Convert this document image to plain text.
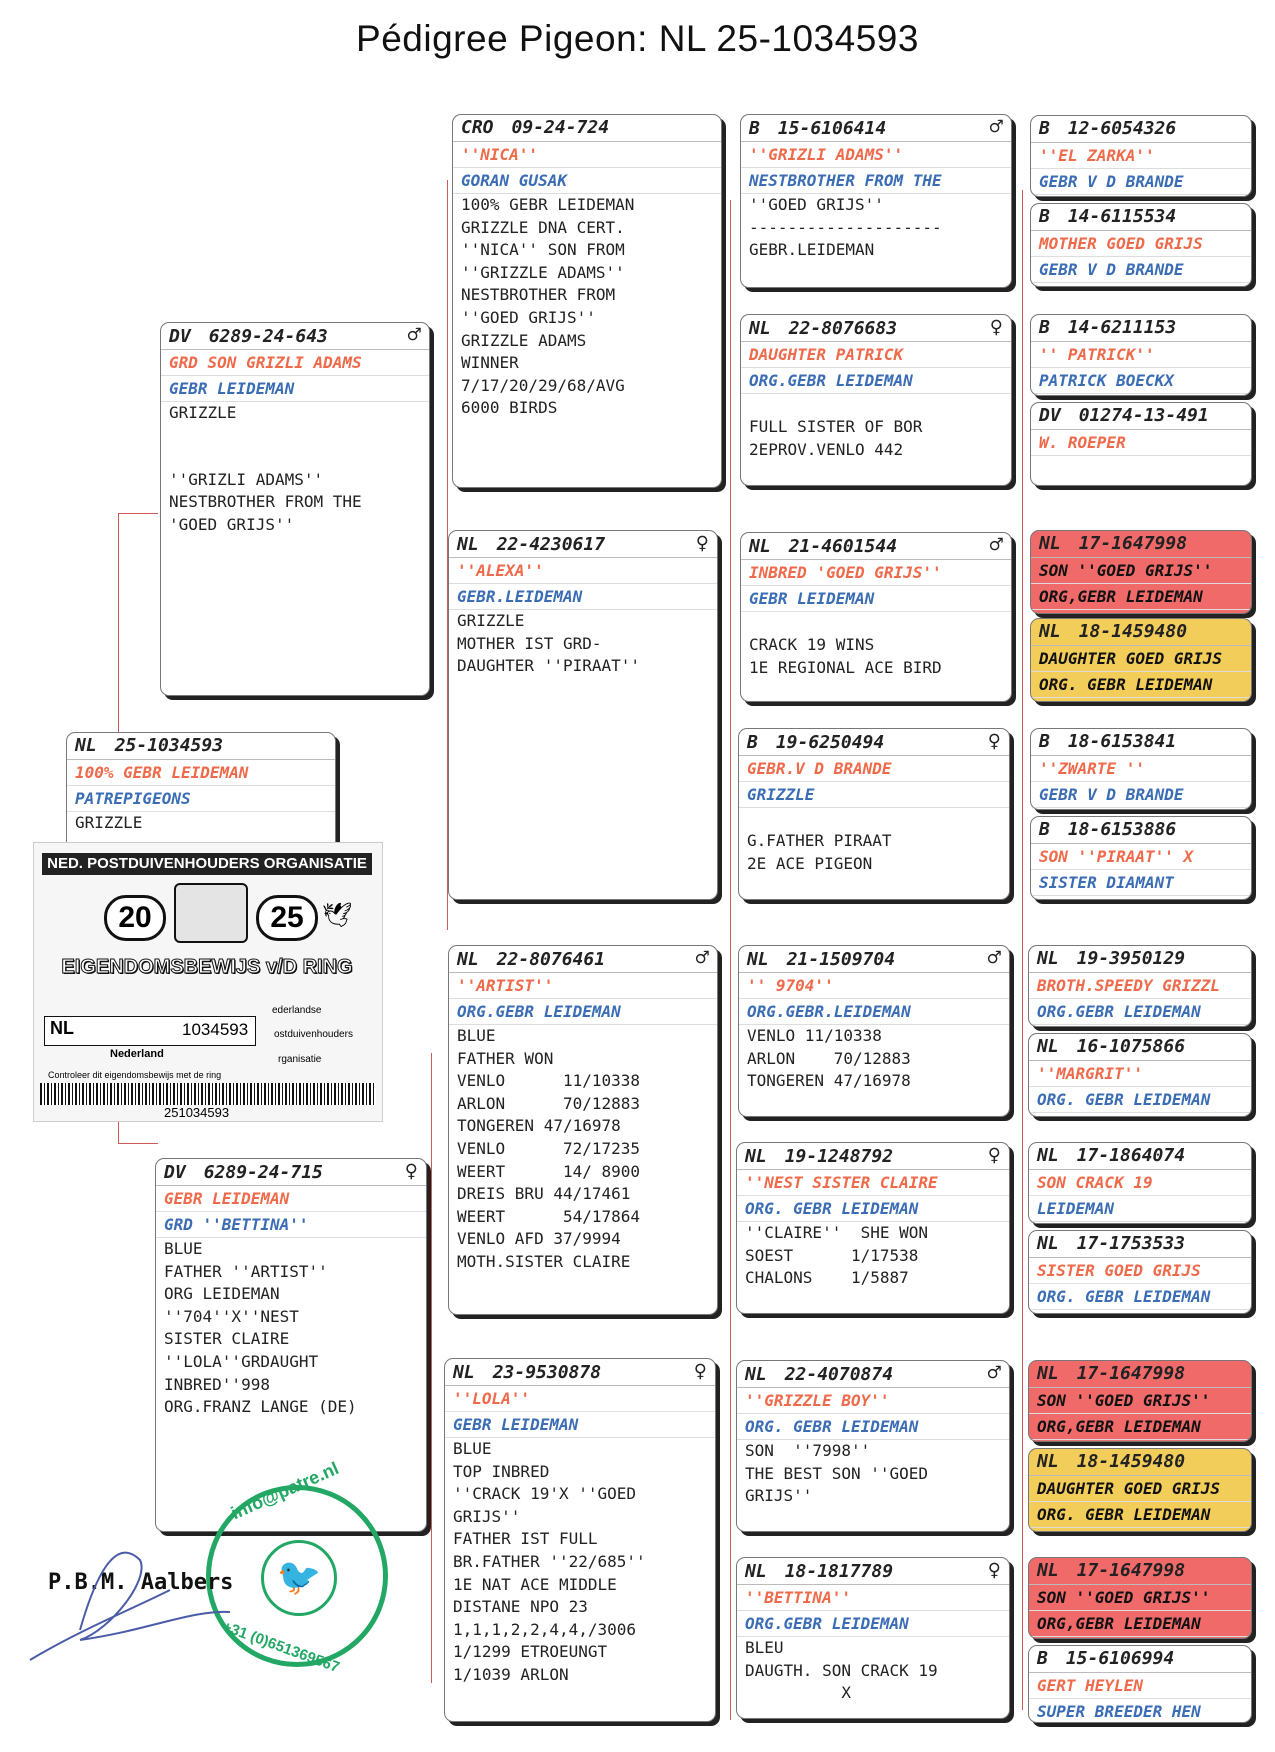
Pédigree Pigeon: NL 25-1034593
NL 25-1034593
100% GEBR LEIDEMAN
PATREPIGEONS
GRIZZLE
DV 6289-24-643	♂
GRD SON GRIZLI ADAMS
GEBR LEIDEMAN
GRIZZLE
''GRIZLI ADAMS''
NESTBROTHER FROM THE
'GOED GRIJS''
DV 6289-24-715	♀
GEBR LEIDEMAN
GRD ''BETTINA''
BLUE
FATHER ''ARTIST''
ORG LEIDEMAN
''704''X''NEST
SISTER CLAIRE
''LOLA''GRDAUGHT
INBRED''998
ORG.FRANZ LANGE (DE)
CRO 09-24-724
''NICA''
GORAN GUSAK
100% GEBR LEIDEMAN
GRIZZLE DNA CERT.
''NICA'' SON FROM
''GRIZZLE ADAMS''
NESTBROTHER FROM
''GOED GRIJS''
GRIZZLE ADAMS
WINNER
7/17/20/29/68/AVG
6000 BIRDS
NL 22-4230617	♀
''ALEXA''
GEBR.LEIDEMAN
GRIZZLE
MOTHER IST GRD-
DAUGHTER ''PIRAAT''
NL 22-8076461	♂
''ARTIST''
ORG.GEBR LEIDEMAN
BLUE
FATHER WON
VENLO      11/10338
ARLON      70/12883
TONGEREN 47/16978
VENLO      72/17235
WEERT      14/ 8900
DREIS BRU 44/17461
WEERT      54/17864
VENLO AFD 37/9994
MOTH.SISTER CLAIRE
NL 23-9530878	♀
''LOLA''
GEBR LEIDEMAN
BLUE
TOP INBRED
''CRACK 19'X ''GOED
GRIJS''
FATHER IST FULL
BR.FATHER ''22/685''
1E NAT ACE MIDDLE
DISTANE NPO 23
1,1,1,2,2,4,4,/3006
1/1299 ETROEUNGT
1/1039 ARLON
B 15-6106414	♂
''GRIZLI ADAMS''
NESTBROTHER FROM THE
''GOED GRIJS''
--------------------
GEBR.LEIDEMAN
NL 22-8076683	♀
DAUGHTER PATRICK
ORG.GEBR LEIDEMAN
FULL SISTER OF BOR
2EPROV.VENLO 442
NL 21-4601544	♂
INBRED 'GOED GRIJS''
GEBR LEIDEMAN
CRACK 19 WINS
1E REGIONAL ACE BIRD
B 19-6250494	♀
GEBR.V D BRANDE
GRIZZLE
G.FATHER PIRAAT
2E ACE PIGEON
NL 21-1509704	♂
'' 9704''
ORG.GEBR.LEIDEMAN
VENLO 11/10338
ARLON    70/12883
TONGEREN 47/16978
NL 19-1248792	♀
''NEST SISTER CLAIRE
ORG. GEBR LEIDEMAN
''CLAIRE''  SHE WON
SOEST      1/17538
CHALONS    1/5887
NL 22-4070874	♂
''GRIZZLE BOY''
ORG. GEBR LEIDEMAN
SON  ''7998''
THE BEST SON ''GOED
GRIJS''
NL 18-1817789	♀
''BETTINA''
ORG.GEBR LEIDEMAN
BLEU
DAUGTH. SON CRACK 19
X
B 12-6054326
''EL ZARKA''
GEBR V D BRANDE
B 14-6115534
MOTHER GOED GRIJS
GEBR V D BRANDE
B 14-6211153
'' PATRICK''
PATRICK BOECKX
DV 01274-13-491
W. ROEPER
NL 17-1647998
SON ''GOED GRIJS''
ORG,GEBR LEIDEMAN
NL 18-1459480
DAUGHTER GOED GRIJS
ORG. GEBR LEIDEMAN
B 18-6153841
''ZWARTE ''
GEBR V D BRANDE
B 18-6153886
SON ''PIRAAT'' X
SISTER DIAMANT
NL 19-3950129
BROTH.SPEEDY GRIZZL
ORG.GEBR LEIDEMAN
NL 16-1075866
''MARGRIT''
ORG. GEBR LEIDEMAN
NL 17-1864074
SON CRACK 19
LEIDEMAN
NL 17-1753533
SISTER GOED GRIJS
ORG. GEBR LEIDEMAN
NL 17-1647998
SON ''GOED GRIJS''
ORG,GEBR LEIDEMAN
NL 18-1459480
DAUGHTER GOED GRIJS
ORG. GEBR LEIDEMAN
NL 17-1647998
SON ''GOED GRIJS''
ORG,GEBR LEIDEMAN
B 15-6106994
GERT HEYLEN
SUPER BREEDER HEN
NED. POSTDUIVENHOUDERS ORGANISATIE
20	25 🕊
EIGENDOMSBEWIJS v/D RING
NL	1034593
ederlandse
ostduivenhouders
rganisatie
Nederland
Controleer dit eigendomsbewijs met de ring
251034593
🐦
info@patre.nl
+31 (0)651369567
P.B.M. Aalbers
